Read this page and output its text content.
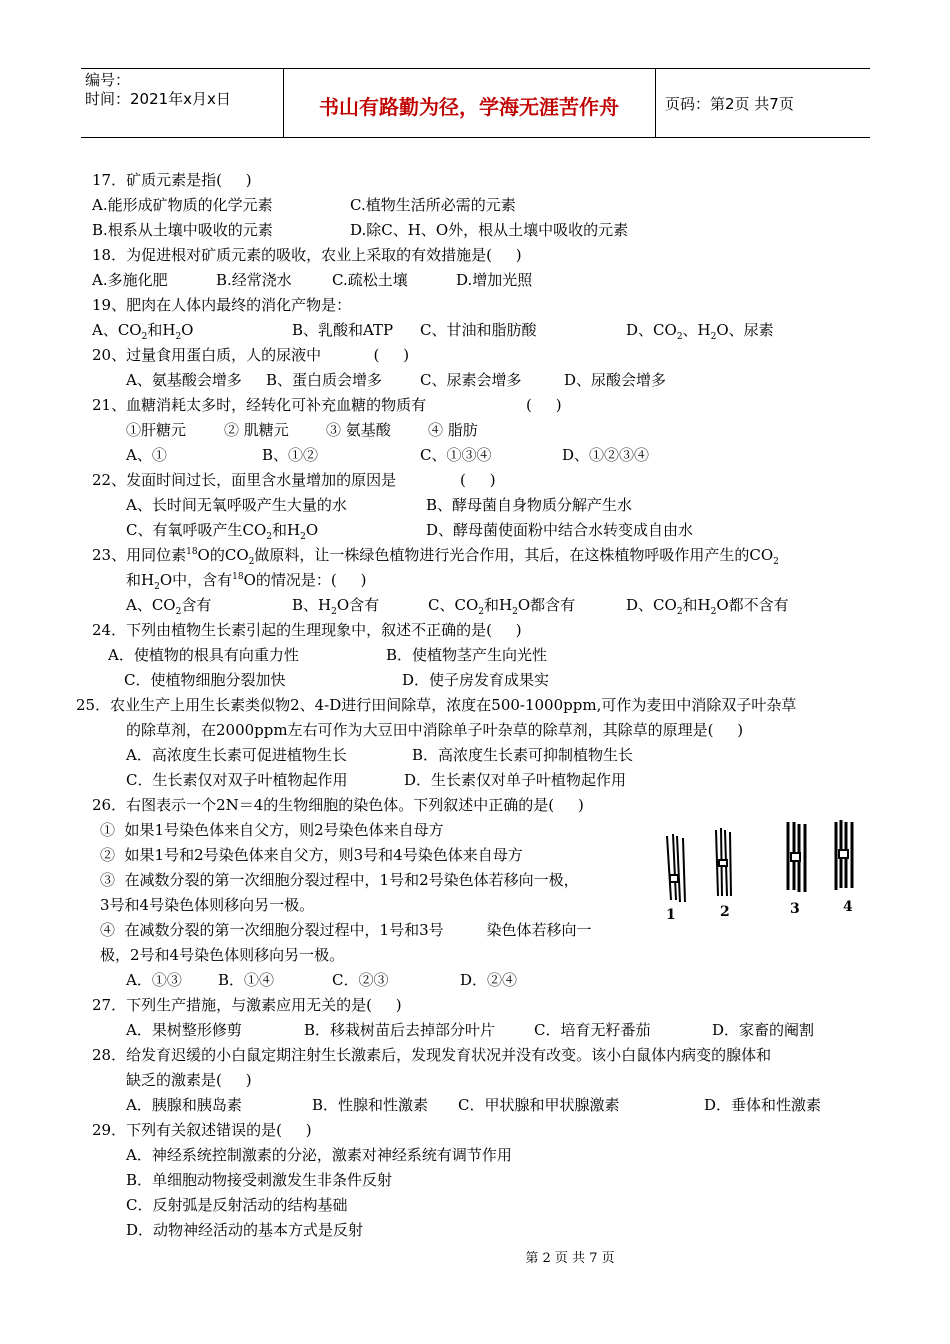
编号：
时间：2021年x月x日	书山有路勤为径，学海无涯苦作舟	页码：第2页 共7页
17．矿质元素是指(     )
A.能形成矿物质的化学元素	C.植物生活所必需的元素
B.根系从土壤中吸收的元素	D.除C、H、O外，根从土壤中吸收的元素
18．为促进根对矿质元素的吸收，农业上采取的有效措施是(     )
A.多施化肥	B.经常浇水	C.疏松土壤	D.增加光照
19、肥肉在人体内最终的消化产物是：
A、$CO_2$和$H_2O$	B、乳酸和ATP C、甘油和脂肪酸	D、$CO_2$、$H_2O$、尿素
20、过量食用蛋白质，人的尿液中           (     )
A、氨基酸会增多 B、蛋白质会增多	C、尿素会增多	D、尿酸会增多
21、血糖消耗太多时，经转化可补充血糖的物质有	(     )
①肝糖元	② 肌糖元 ③ 氨基酸 ④ 脂肪
A、①	B、①②	C、①③④	D、①②③④
22、发面时间过长，面里含水量增加的原因是	(     )
A、长时间无氧呼吸产生大量的水	B、酵母菌自身物质分解产生水
C、有氧呼吸产生$CO_2$和$H_2O$	D、酵母菌使面粉中结合水转变成自由水
23、用同位素$^{18}$O的$CO_2$做原料，让一株绿色植物进行光合作用，其后，在这株植物呼吸作用产生的$CO_2$
和$H_2O$中，含有$^{18}$O的情况是：(     )
A、$CO_2$含有	B、$H_2O$含有	C、$CO_2$和$H_2O$都含有	D、$CO_2$和$H_2O$都不含有
24．下列由植物生长素引起的生理现象中，叙述不正确的是(     )
A．使植物的根具有向重力性	B．使植物茎产生向光性
C．使植物细胞分裂加快	D．使子房发育成果实
25．农业生产上用生长素类似物2、4-D进行田间除草，浓度在500-1000ppm,可作为麦田中消除双子叶杂草
的除草剂，在2000ppm左右可作为大豆田中消除单子叶杂草的除草剂，其除草的原理是(     )
A．高浓度生长素可促进植物生长	B．高浓度生长素可抑制植物生长
C．生长素仅对双子叶植物起作用	D．生长素仅对单子叶植物起作用
26．右图表示一个2N＝4的生物细胞的染色体。下列叙述中正确的是(     )
①  如果1号染色体来自父方，则2号染色体来自母方
②  如果1号和2号染色体来自父方，则3号和4号染色体来自母方
③  在减数分裂的第一次细胞分裂过程中，1号和2号染色体若移向一极，
3号和4号染色体则移向另一极。
④  在减数分裂的第一次细胞分裂过程中，1号和3号         染色体若移向一
极，2号和4号染色体则移向另一极。
A．①③ B．①④	C．②③	D．②④
1	2	3	4
27．下列生产措施，与激素应用无关的是(     )
A．果树整形修剪	B．移栽树苗后去掉部分叶片	C．培育无籽番茄	D．家畜的阉割
28．给发育迟缓的小白鼠定期注射生长激素后，发现发育状况并没有改变。该小白鼠体内病变的腺体和
缺乏的激素是(     )
A．胰腺和胰岛素	B．性腺和性激素 C．甲状腺和甲状腺激素	D．垂体和性激素
29．下列有关叙述错误的是(     )
A．神经系统控制激素的分泌，激素对神经系统有调节作用
B．单细胞动物接受刺激发生非条件反射
C．反射弧是反射活动的结构基础
D．动物神经活动的基本方式是反射
第 2 页 共 7 页
